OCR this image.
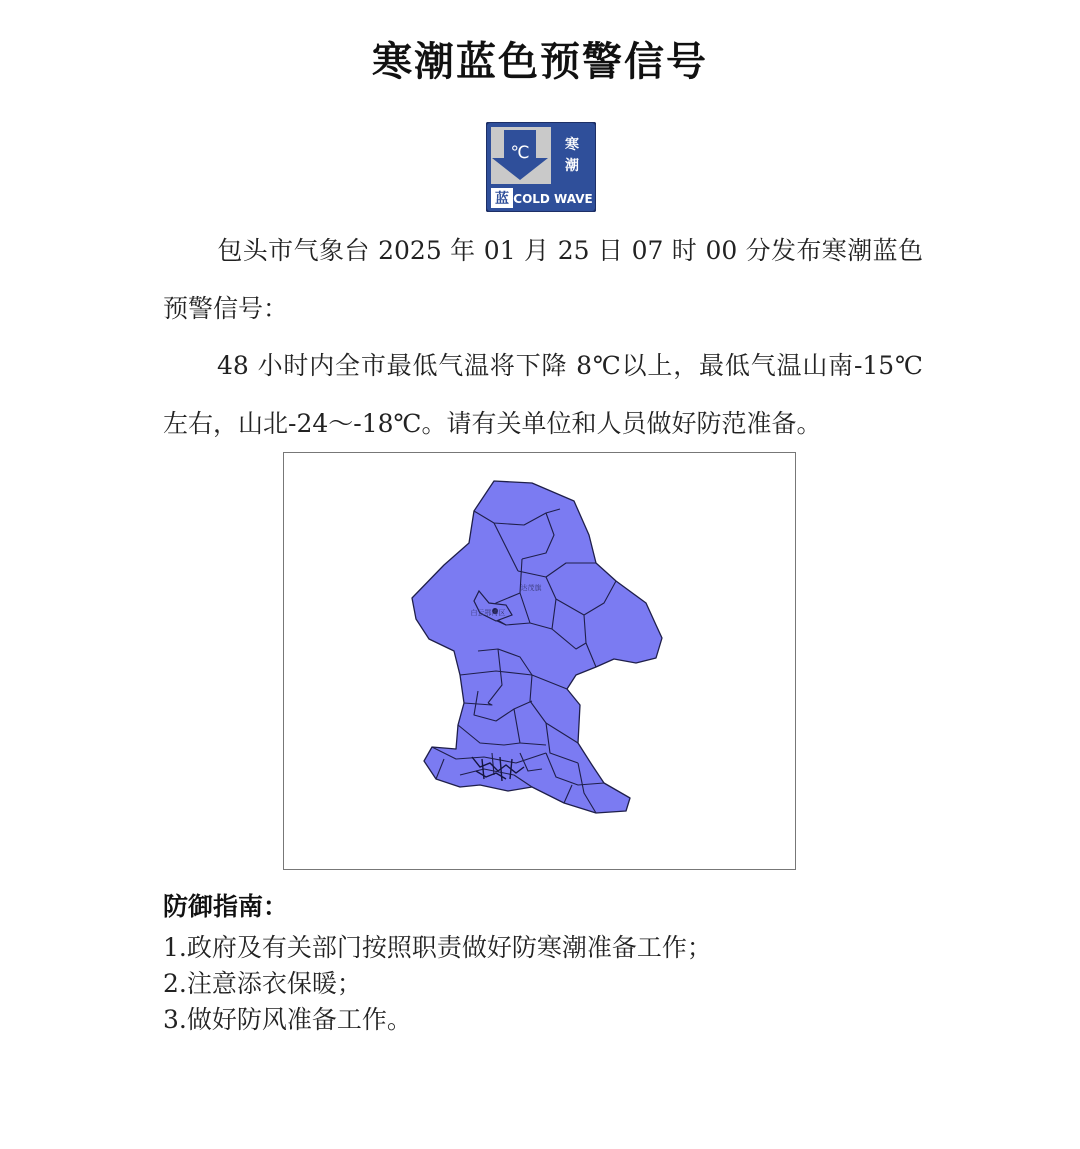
寒潮蓝色预警信号
℃	寒
潮
蓝 COLD WAVE
包头市气象台 2025 年 01 月 25 日 07 时 00 分发布寒潮蓝色预警信号：
48 小时内全市最低气温将下降 8℃以上，最低气温山南-15℃左右，山北-24～-18℃。请有关单位和人员做好防范准备。
达茂旗
白云鄂博区
防御指南：
1.政府及有关部门按照职责做好防寒潮准备工作；
2.注意添衣保暖；
3.做好防风准备工作。
